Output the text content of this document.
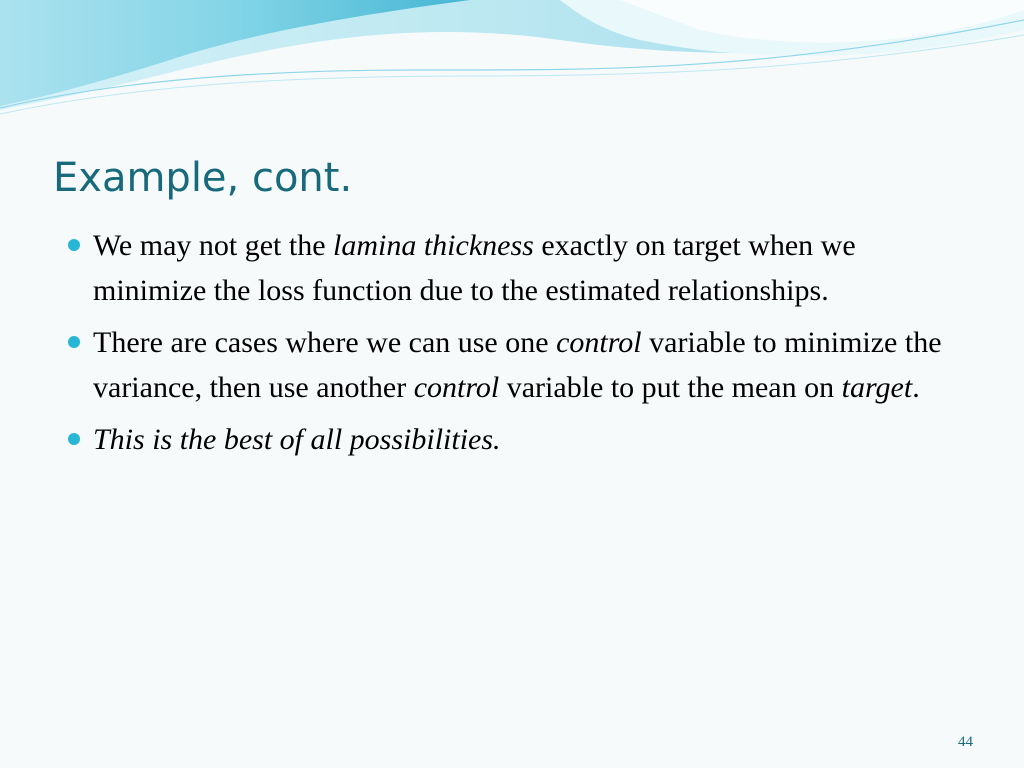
Example, cont.
We may not get the lamina thickness exactly on target when we minimize the loss function due to the estimated relationships.
There are cases where we can use one control variable to minimize the variance, then use another control variable to put the mean on target.
This is the best of all possibilities.
44
